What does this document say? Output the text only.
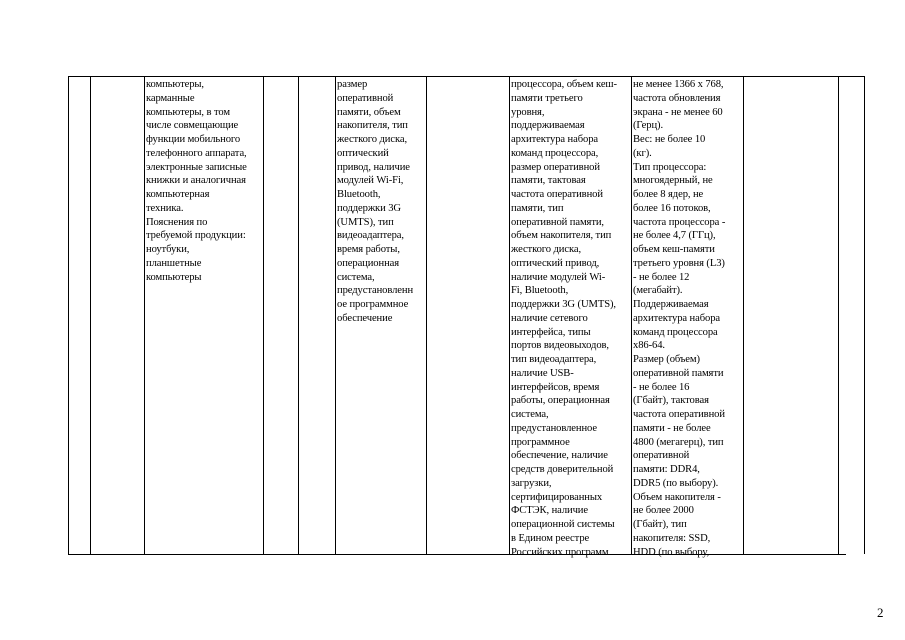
компьютеры,
карманные
компьютеры, в том
числе совмещающие
функции мобильного
телефонного аппарата,
электронные записные
книжки и аналогичная
компьютерная
техника.
Пояснения по
требуемой продукции:
ноутбуки,
планшетные
компьютеры
размер
оперативной
памяти, объем
накопителя, тип
жесткого диска,
оптический
привод, наличие
модулей Wi-Fi,
Bluetooth,
поддержки 3G
(UMTS), тип
видеоадаптера,
время работы,
операционная
система,
предустановленн
ое программное
обеспечение
процессора, объем кеш-
памяти третьего
уровня,
поддерживаемая
архитектура набора
команд процессора,
размер оперативной
памяти, тактовая
частота оперативной
памяти, тип
оперативной памяти,
объем накопителя, тип
жесткого диска,
оптический привод,
наличие модулей Wi-
Fi, Bluetooth,
поддержки 3G (UMTS),
наличие сетевого
интерфейса, типы
портов видеовыходов,
тип видеоадаптера,
наличие USB-
интерфейсов, время
работы, операционная
система,
предустановленное
программное
обеспечение, наличие
средств доверительной
загрузки,
сертифицированных
ФСТЭК, наличие
операционной системы
в Едином реестре
Российских программ
не менее 1366 x 768,
частота обновления
экрана - не менее 60
(Герц).
Вес: не более 10
(кг).
Тип процессора:
многоядерный, не
более 8 ядер, не
более 16 потоков,
частота процессора -
не более 4,7 (ГГц),
объем кеш-памяти
третьего уровня (L3)
- не более 12
(мегабайт).
Поддерживаемая
архитектура набора
команд процессора
x86-64.
Размер (объем)
оперативной памяти
- не более 16
(Гбайт), тактовая
частота оперативной
памяти - не более
4800 (мегагерц), тип
оперативной
памяти: DDR4,
DDR5 (по выбору).
Объем накопителя -
не более 2000
(Гбайт), тип
накопителя: SSD,
HDD (по выбору,
2
